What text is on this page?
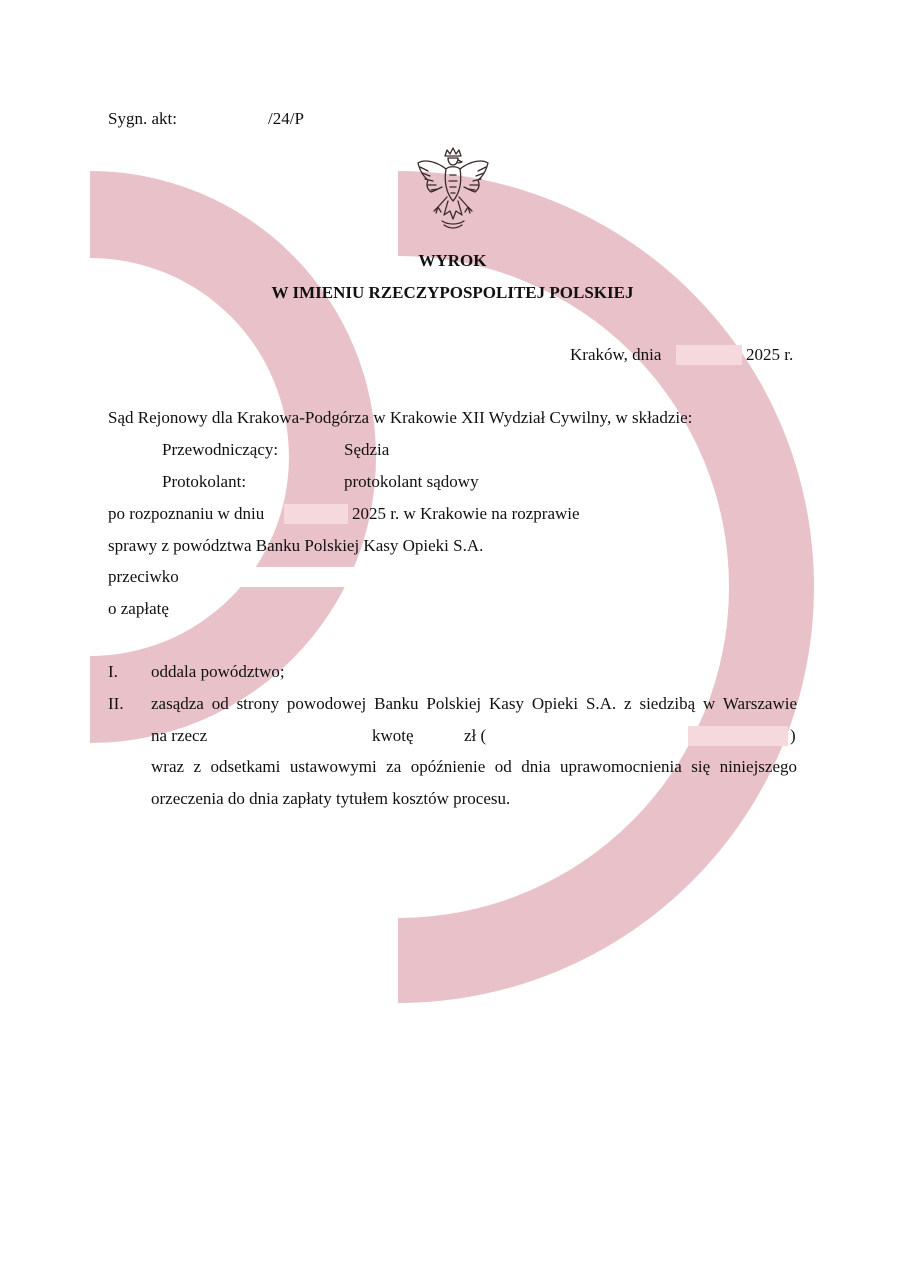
Sygn. akt:	/24/P
WYROK
W IMIENIU RZECZYPOSPOLITEJ POLSKIEJ
Kraków, dnia	2025 r.
Sąd Rejonowy dla Krakowa-Podgórza w Krakowie XII Wydział Cywilny, w składzie:
Przewodniczący:	Sędzia
Protokolant:	protokolant sądowy
po rozpoznaniu w dniu	2025 r. w Krakowie na rozprawie
sprawy z powództwa Banku Polskiej Kasy Opieki S.A.
przeciwko
o zapłatę
I. oddala powództwo;
II. zasądza od strony powodowej Banku Polskiej Kasy Opieki S.A. z siedzibą w Warszawie
na rzecz	kwotę	zł (	)
wraz z odsetkami ustawowymi za opóźnienie od dnia uprawomocnienia się niniejszego
orzeczenia do dnia zapłaty tytułem kosztów procesu.
